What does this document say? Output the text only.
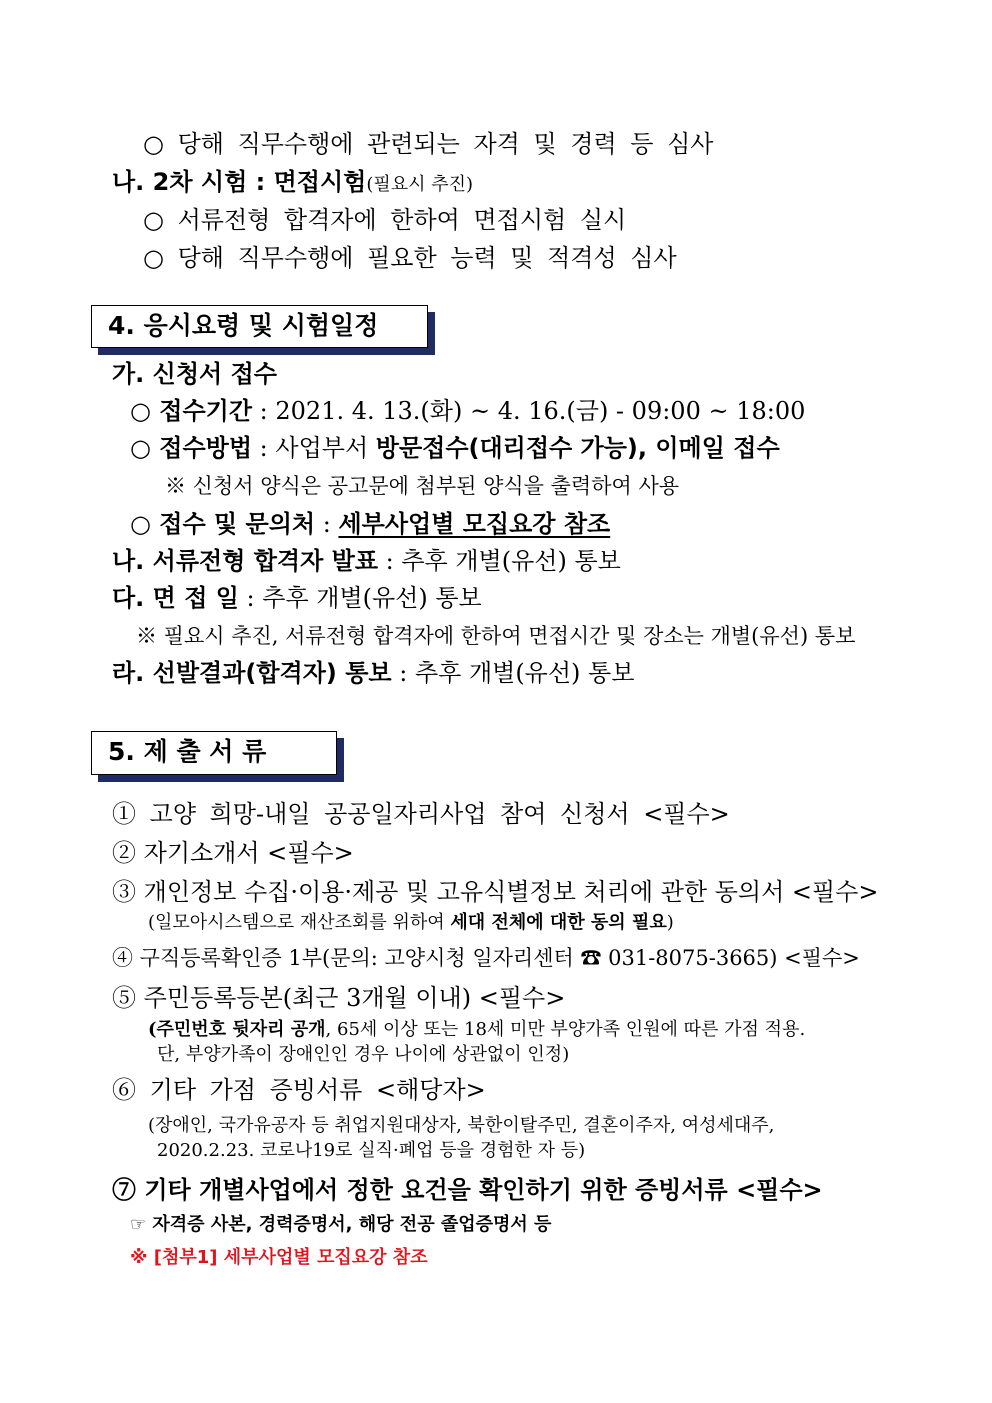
○ 당해 직무수행에 관련되는 자격 및 경력 등 심사
나. 2차 시험 : 면접시험(필요시 추진)
○ 서류전형 합격자에 한하여 면접시험 실시
○ 당해 직무수행에 필요한 능력 및 적격성 심사
4. 응시요령 및 시험일정
가. 신청서 접수
○ 접수기간 : 2021. 4. 13.(화) ~ 4. 16.(금) - 09:00 ~ 18:00
○ 접수방법 : 사업부서 방문접수(대리접수 가능), 이메일 접수
※ 신청서 양식은 공고문에 첨부된 양식을 출력하여 사용
○ 접수 및 문의처 : 세부사업별 모집요강 참조
나. 서류전형 합격자 발표 : 추후 개별(유선) 통보
다. 면 접 일 : 추후 개별(유선) 통보
※ 필요시 추진, 서류전형 합격자에 한하여 면접시간 및 장소는 개별(유선) 통보
라. 선발결과(합격자) 통보 : 추후 개별(유선) 통보
5. 제 출 서 류
① 고양 희망-내일 공공일자리사업 참여 신청서 <필수>
② 자기소개서 <필수>
③ 개인정보 수집·이용·제공 및 고유식별정보 처리에 관한 동의서 <필수>
(일모아시스템으로 재산조회를 위하여 세대 전체에 대한 동의 필요)
④ 구직등록확인증 1부(문의: 고양시청 일자리센터 ☎ 031-8075-3665) <필수>
⑤ 주민등록등본(최근 3개월 이내) <필수>
(주민번호 뒷자리 공개, 65세 이상 또는 18세 미만 부양가족 인원에 따른 가점 적용.
단, 부양가족이 장애인인 경우 나이에 상관없이 인정)
⑥ 기타 가점 증빙서류 <해당자>
(장애인, 국가유공자 등 취업지원대상자, 북한이탈주민, 결혼이주자, 여성세대주,
2020.2.23. 코로나19로 실직·폐업 등을 경험한 자 등)
⑦ 기타 개별사업에서 정한 요건을 확인하기 위한 증빙서류 <필수>
☞ 자격증 사본, 경력증명서, 해당 전공 졸업증명서 등
※ [첨부1] 세부사업별 모집요강 참조
